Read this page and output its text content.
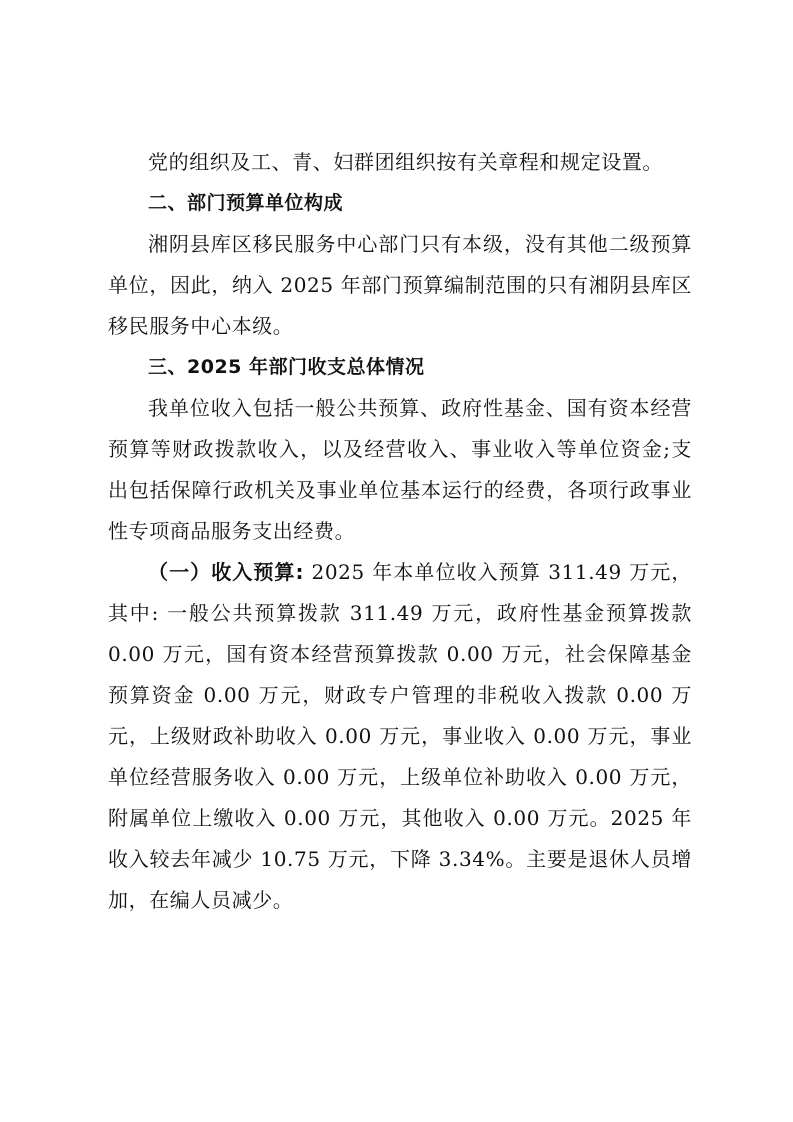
党的组织及工、青、妇群团组织按有关章程和规定设置。

二、部门预算单位构成

湘阴县库区移民服务中心部门只有本级，没有其他二级预算单位，因此，纳入 2025 年部门预算编制范围的只有湘阴县库区移民服务中心本级。

三、2025 年部门收支总体情况

我单位收入包括一般公共预算、政府性基金、国有资本经营预算等财政拨款收入，以及经营收入、事业收入等单位资金;支出包括保障行政机关及事业单位基本运行的经费，各项行政事业性专项商品服务支出经费。

（一）收入预算: 2025 年本单位收入预算 311.49 万元，其中: 一般公共预算拨款 311.49 万元，政府性基金预算拨款 0.00 万元，国有资本经营预算拨款 0.00 万元，社会保障基金预算资金 0.00 万元，财政专户管理的非税收入拨款 0.00 万元，上级财政补助收入 0.00 万元，事业收入 0.00 万元，事业单位经营服务收入 0.00 万元，上级单位补助收入 0.00 万元，附属单位上缴收入 0.00 万元，其他收入 0.00 万元。2025 年收入较去年减少 10.75 万元，下降 3.34%。主要是退休人员增加，在编人员减少。
